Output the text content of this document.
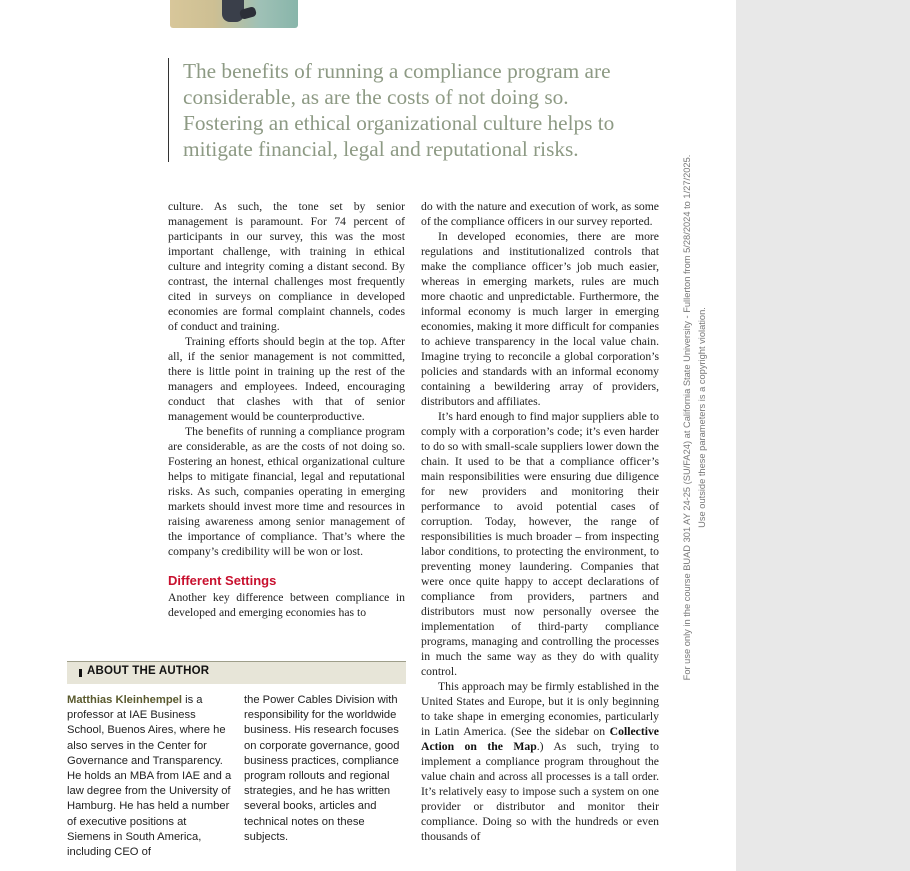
The benefits of running a compliance program are considerable, as are the costs of not doing so. Fostering an ethical organizational culture helps to mitigate financial, legal and reputational risks.

culture. As such, the tone set by senior management is paramount. For 74 percent of participants in our survey, this was the most important challenge, with training in ethical culture and integrity coming a distant second. By contrast, the internal challenges most frequently cited in surveys on compliance in developed economies are formal complaint channels, codes of conduct and training.

Training efforts should begin at the top. After all, if the senior management is not committed, there is little point in training up the rest of the managers and employees. Indeed, encouraging conduct that clashes with that of senior management would be counterproductive.

The benefits of running a compliance program are considerable, as are the costs of not doing so. Fostering an honest, ethical organizational culture helps to mitigate financial, legal and reputational risks. As such, companies operating in emerging markets should invest more time and resources in raising awareness among senior management of the importance of compliance. That’s where the company’s credibility will be won or lost.

Different Settings

Another key difference between compliance in developed and emerging economies has to

do with the nature and execution of work, as some of the compliance officers in our survey reported.

In developed economies, there are more regulations and institutionalized controls that make the compliance officer’s job much easier, whereas in emerging markets, rules are much more chaotic and unpredictable. Furthermore, the informal economy is much larger in emerging economies, making it more difficult for companies to achieve transparency in the local value chain. Imagine trying to reconcile a global corporation’s policies and standards with an informal economy containing a bewildering array of providers, distributors and affiliates.

It’s hard enough to find major suppliers able to comply with a corporation’s code; it’s even harder to do so with small-scale suppliers lower down the chain. It used to be that a compliance officer’s main responsibilities were ensuring due diligence for new providers and monitoring their performance to avoid potential cases of corruption. Today, however, the range of responsibilities is much broader – from inspecting labor conditions, to protecting the environment, to preventing money laundering. Companies that were once quite happy to accept declarations of compliance from providers, partners and distributors must now personally oversee the implementation of third-party compliance programs, managing and controlling the processes in much the same way as they do with quality control.

This approach may be firmly established in the United States and Europe, but it is only beginning to take shape in emerging economies, particularly in Latin America. (See the sidebar on Collective Action on the Map.) As such, trying to implement a compliance program throughout the value chain and across all processes is a tall order. It’s relatively easy to impose such a system on one provider or distributor and monitor their compliance. Doing so with the hundreds or even thousands of

ABOUT THE AUTHOR

Matthias Kleinhempel is a professor at IAE Business School, Buenos Aires, where he also serves in the Center for Governance and Transparency. He holds an MBA from IAE and a law degree from the University of Hamburg. He has held a number of executive positions at Siemens in South America, including CEO of

the Power Cables Division with responsibility for the worldwide business. His research focuses on corporate governance, good business practices, compliance program rollouts and regional strategies, and he has written several books, articles and technical notes on these subjects.

For use only in the course BUAD 301 AY 24-25 (SU/FA24) at California State University - Fullerton from 5/28/2024 to 1/27/2025. Use outside these parameters is a copyright violation.
